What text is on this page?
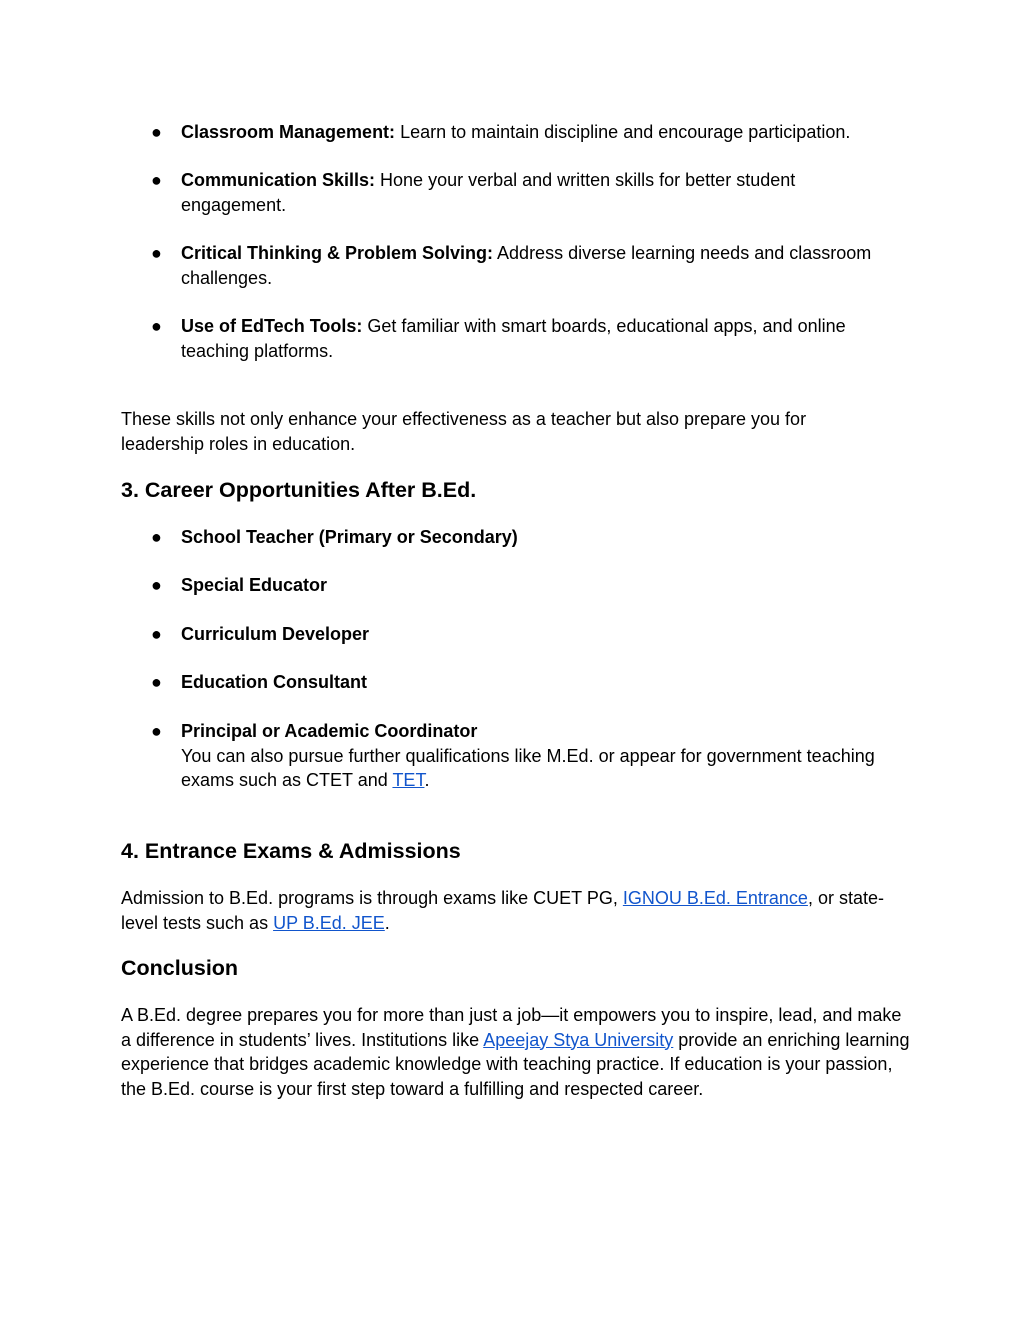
● Classroom Management: Learn to maintain discipline and encourage participation.
● Communication Skills: Hone your verbal and written skills for better student engagement.
● Critical Thinking & Problem Solving: Address diverse learning needs and classroom challenges.
● Use of EdTech Tools: Get familiar with smart boards, educational apps, and online teaching platforms.
These skills not only enhance your effectiveness as a teacher but also prepare you for leadership roles in education.
3. Career Opportunities After B.Ed.
● School Teacher (Primary or Secondary)
● Special Educator
● Curriculum Developer
● Education Consultant
● Principal or Academic Coordinator
You can also pursue further qualifications like M.Ed. or appear for government teaching exams such as CTET and TET.
4. Entrance Exams & Admissions
Admission to B.Ed. programs is through exams like CUET PG, IGNOU B.Ed. Entrance, or state-level tests such as UP B.Ed. JEE.
Conclusion
A B.Ed. degree prepares you for more than just a job—it empowers you to inspire, lead, and make a difference in students’ lives. Institutions like Apeejay Stya University provide an enriching learning experience that bridges academic knowledge with teaching practice. If education is your passion, the B.Ed. course is your first step toward a fulfilling and respected career.
